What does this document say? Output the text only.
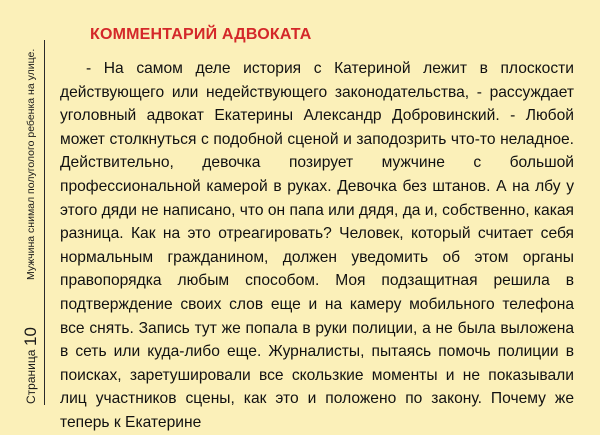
Мужчина снимал полуголого ребенка на улице.
Страница
10
КОММЕНТАРИЙ АДВОКАТА

- На самом деле история с Катериной лежит в плоскости действующего или недействующего законодательства, - рассуждает уголовный адвокат Екатерины Александр Добровинский. - Любой может столкнуться с подобной сценой и заподозрить что-то неладное. Действительно, девочка позирует мужчине с большой профессиональной камерой в руках. Девочка без штанов. А на лбу у этого дяди не написано, что он папа или дядя, да и, собственно, какая разница. Как на это отреагировать? Человек, который считает себя нормальным гражданином, должен уведомить об этом органы правопорядка любым способом. Моя подзащитная решила в подтверждение своих слов еще и на камеру мобильного телефона все снять. Запись тут же попала в руки полиции, а не была выложена в сеть или куда-либо еще. Журналисты, пытаясь помочь полиции в поисках, заретушировали все скользкие моменты и не показывали лиц участников сцены, как это и положено по закону. Почему же теперь к Екатерине
